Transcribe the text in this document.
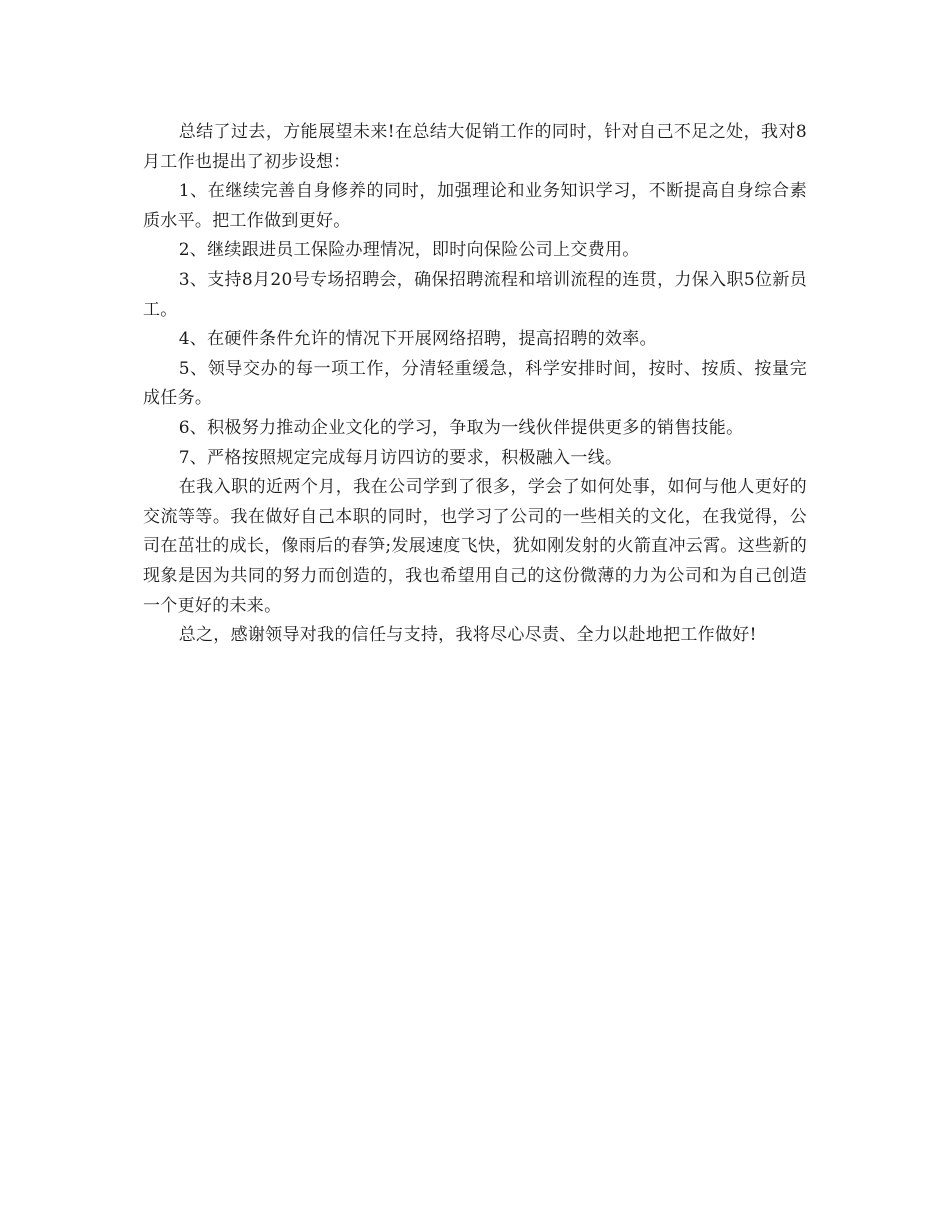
总结了过去，方能展望未来!在总结大促销工作的同时，针对自己不足之处，我对8月工作也提出了初步设想：

1、在继续完善自身修养的同时，加强理论和业务知识学习，不断提高自身综合素质水平。把工作做到更好。

2、继续跟进员工保险办理情况，即时向保险公司上交费用。

3、支持8月20号专场招聘会，确保招聘流程和培训流程的连贯，力保入职5位新员工。

4、在硬件条件允许的情况下开展网络招聘，提高招聘的效率。

5、领导交办的每一项工作，分清轻重缓急，科学安排时间，按时、按质、按量完成任务。

6、积极努力推动企业文化的学习，争取为一线伙伴提供更多的销售技能。

7、严格按照规定完成每月访四访的要求，积极融入一线。

在我入职的近两个月，我在公司学到了很多，学会了如何处事，如何与他人更好的交流等等。我在做好自己本职的同时，也学习了公司的一些相关的文化，在我觉得，公司在茁壮的成长，像雨后的春笋;发展速度飞快，犹如刚发射的火箭直冲云霄。这些新的现象是因为共同的努力而创造的，我也希望用自己的这份微薄的力为公司和为自己创造一个更好的未来。

总之，感谢领导对我的信任与支持，我将尽心尽责、全力以赴地把工作做好!
